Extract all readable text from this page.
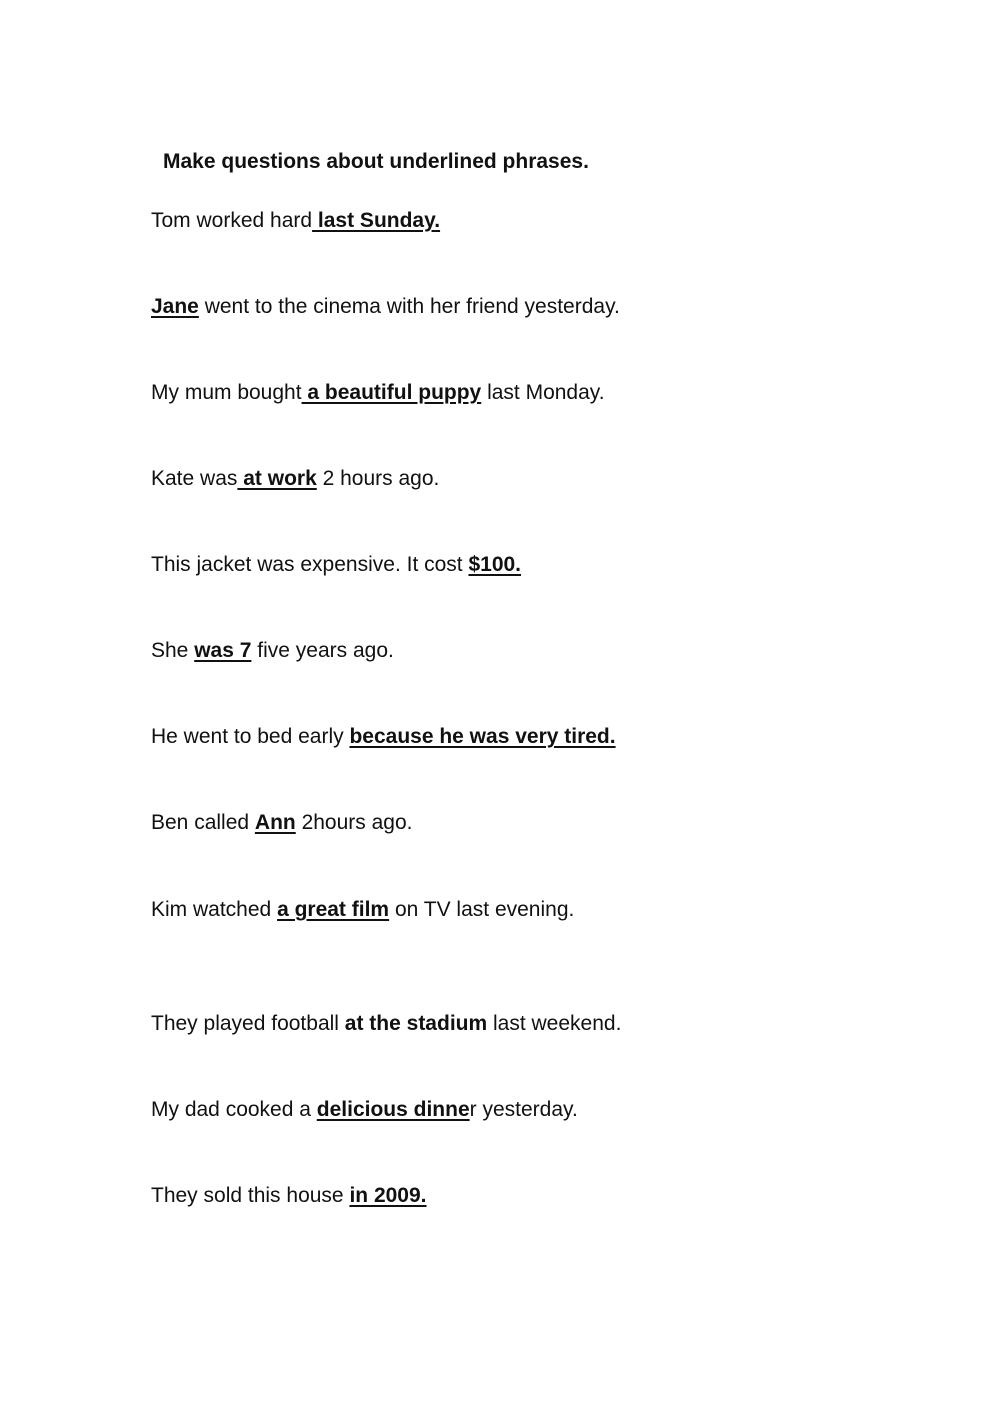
Make questions about underlined phrases.
Tom worked hard last Sunday.
Jane went to the cinema with her friend yesterday.
My mum bought a beautiful puppy last Monday.
Kate was at work 2 hours ago.
This jacket was expensive. It cost $100.
She was 7 five years ago.
He went to bed early because he was very tired.
Ben called Ann 2hours ago.
Kim watched a great film on TV last evening.
They played football at the stadium last weekend.
My dad cooked a delicious dinner yesterday.
They sold this house in 2009.
